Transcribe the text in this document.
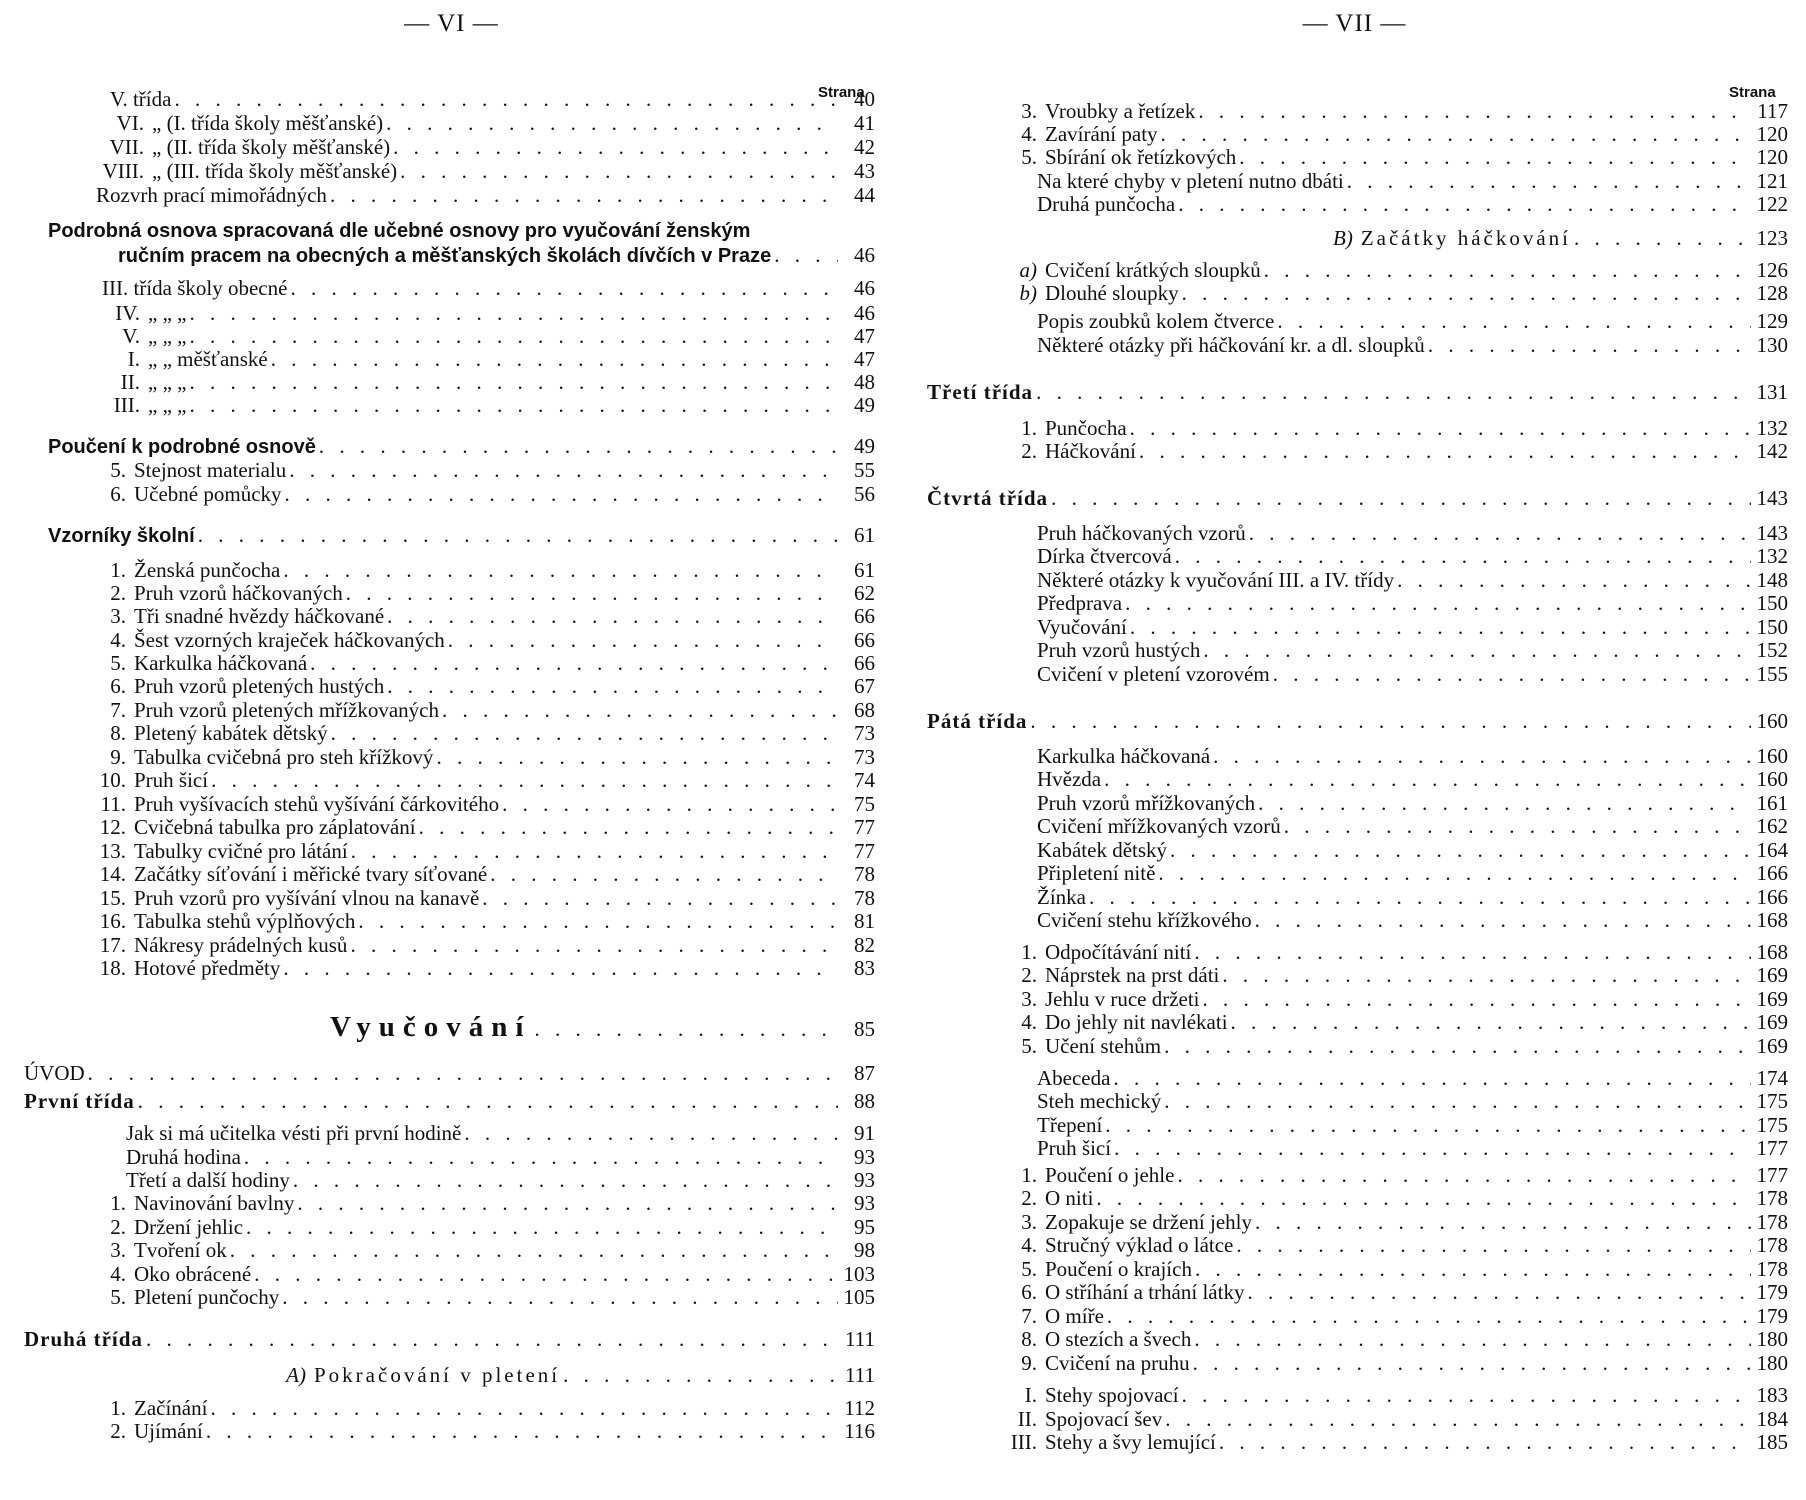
— VI —
Strana
V. třída . . .	40
VI. „ (I. třída školy měšťanské) . . .	41
VII. „ (II. třída školy měšťanské) . . .	42
VIII. „ (III. třída školy měšťanské) . . .	43
Rozvrh prací mimořádných . . .	44
Podrobná osnova spracovaná dle učebné osnovy pro vyučování ženským
ručním pracem na obecných a měšťanských školách dívčích v Praze . . .	46
III. třída školy obecné . . .	46
IV. „ „ „ . . .	46
V. „ „ „ . . .	47
I. „ „ měšťanské . . .	47
II. „ „ „ . . .	48
III. „ „ „ . . .	49
Poučení k podrobné osnově . . .	49
5. Stejnost materialu . . .	55
6. Učebné pomůcky . . .	56
Vzorníky školní . . .	61
1. Ženská punčocha . . .	61
2. Pruh vzorů háčkovaných . . .	62
3. Tři snadné hvězdy háčkované . . .	66
4. Šest vzorných kraječek háčkovaných . . .	66
5. Karkulka háčkovaná . . .	66
6. Pruh vzorů pletených hustých . . .	67
7. Pruh vzorů pletených mřížkovaných . . .	68
8. Pletený kabátek dětský . . .	73
9. Tabulka cvičebná pro steh křížkový . . .	73
10. Pruh šicí . . .	74
11. Pruh vyšívacích stehů vyšívání čárkovitého . . .	75
12. Cvičebná tabulka pro záplatování . . .	77
13. Tabulky cvičné pro látání . . .	77
14. Začátky síťování i měřické tvary síťované . . .	78
15. Pruh vzorů pro vyšívání vlnou na kanavě . . .	78
16. Tabulka stehů výplňových . . .	81
17. Nákresy prádelných kusů . . .	82
18. Hotové předměty . . .	83
Vyučování . . .	85
ÚVOD . . .	87
První třída . . .	88
Jak si má učitelka vésti při první hodině . . .	91
Druhá hodina . . .	93
Třetí a další hodiny . . .	93
1. Navinování bavlny . . .	93
2. Držení jehlic . . .	95
3. Tvoření ok . . .	98
4. Oko obrácené . . .	103
5. Pletení punčochy . . .	105
Druhá třída . . .	111
A) Pokračování v pletení . . .	111
1. Začínání . . .	112
2. Ujímání . . .	116
— VII —
Strana
3. Vroubky a řetízek . . .	117
4. Zavírání paty . . .	120
5. Sbírání ok řetízkových . . .	120
Na které chyby v pletení nutno dbáti . . .	121
Druhá punčocha . . .	122
B) Začátky háčkování . . .	123
a) Cvičení krátkých sloupků . . .	126
b) Dlouhé sloupky . . .	128
Popis zoubků kolem čtverce . . .	129
Některé otázky při háčkování kr. a dl. sloupků . . .	130
Třetí třída . . .	131
1. Punčocha . . .	132
2. Háčkování . . .	142
Čtvrtá třída . . .	143
Pruh háčkovaných vzorů . . .	143
Dírka čtvercová . . .	132
Některé otázky k vyučování III. a IV. třídy . . .	148
Předprava . . .	150
Vyučování . . .	150
Pruh vzorů hustých . . .	152
Cvičení v pletení vzorovém . . .	155
Pátá třída . . .	160
Karkulka háčkovaná . . .	160
Hvězda . . .	160
Pruh vzorů mřížkovaných . . .	161
Cvičení mřížkovaných vzorů . . .	162
Kabátek dětský . . .	164
Připletení nitě . . .	166
Žínka . . .	166
Cvičení stehu křížkového . . .	168
1. Odpočítávání nití . . .	168
2. Náprstek na prst dáti . . .	169
3. Jehlu v ruce držeti . . .	169
4. Do jehly nit navlékati . . .	169
5. Učení stehům . . .	169
Abeceda . . .	174
Steh mechický . . .	175
Třepení . . .	175
Pruh šicí . . .	177
1. Poučení o jehle . . .	177
2. O niti . . .	178
3. Zopakuje se držení jehly . . .	178
4. Stručný výklad o látce . . .	178
5. Poučení o krajích . . .	178
6. O stříhání a trhání látky . . .	179
7. O míře . . .	179
8. O stezích a švech . . .	180
9. Cvičení na pruhu . . .	180
I. Stehy spojovací . . .	183
II. Spojovací šev . . .	184
III. Stehy a švy lemující . . .	185
